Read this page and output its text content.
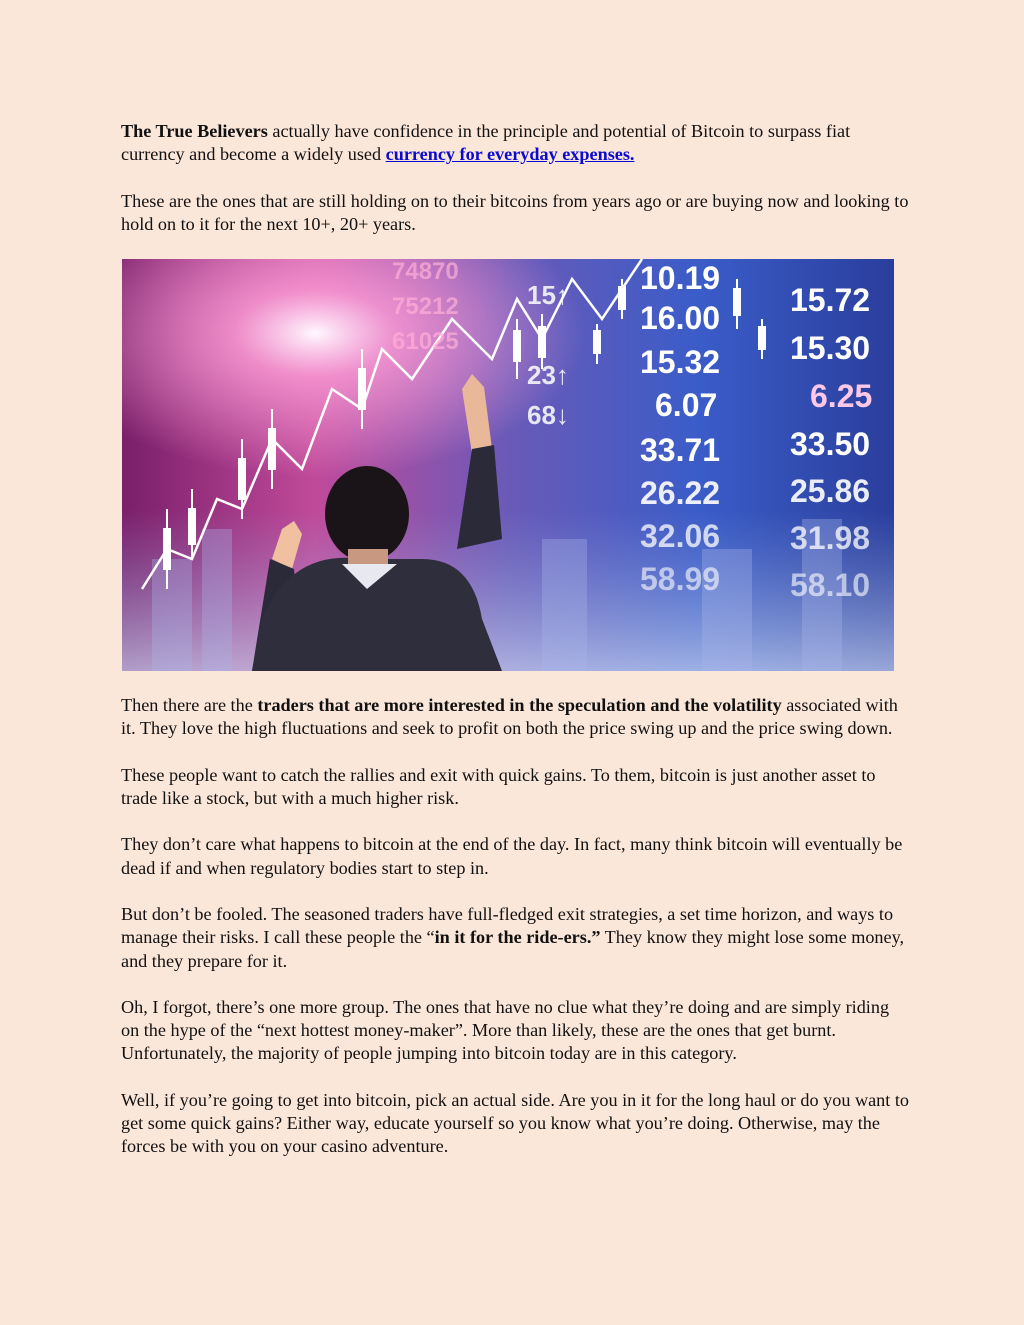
The True Believers actually have confidence in the principle and potential of Bitcoin to surpass fiat currency and become a widely used currency for everyday expenses.

These are the ones that are still holding on to their bitcoins from years ago or are buying now and looking to hold on to it for the next 10+, 20+ years.

74870
75212
61025
15↑
23↑
68↓
10.19
16.00
15.32
6.07
33.71
26.22
32.06
58.99
15.72
15.30
6.25
33.50
25.86
31.98
58.10

Then there are the traders that are more interested in the speculation and the volatility associated with it. They love the high fluctuations and seek to profit on both the price swing up and the price swing down.

These people want to catch the rallies and exit with quick gains. To them, bitcoin is just another asset to trade like a stock, but with a much higher risk.

They don’t care what happens to bitcoin at the end of the day. In fact, many think bitcoin will eventually be dead if and when regulatory bodies start to step in.

But don’t be fooled. The seasoned traders have full-fledged exit strategies, a set time horizon, and ways to manage their risks. I call these people the “in it for the ride-ers.” They know they might lose some money, and they prepare for it.

Oh, I forgot, there’s one more group. The ones that have no clue what they’re doing and are simply riding on the hype of the “next hottest money-maker”. More than likely, these are the ones that get burnt. Unfortunately, the majority of people jumping into bitcoin today are in this category.

Well, if you’re going to get into bitcoin, pick an actual side. Are you in it for the long haul or do you want to get some quick gains? Either way, educate yourself so you know what you’re doing. Otherwise, may the forces be with you on your casino adventure.
